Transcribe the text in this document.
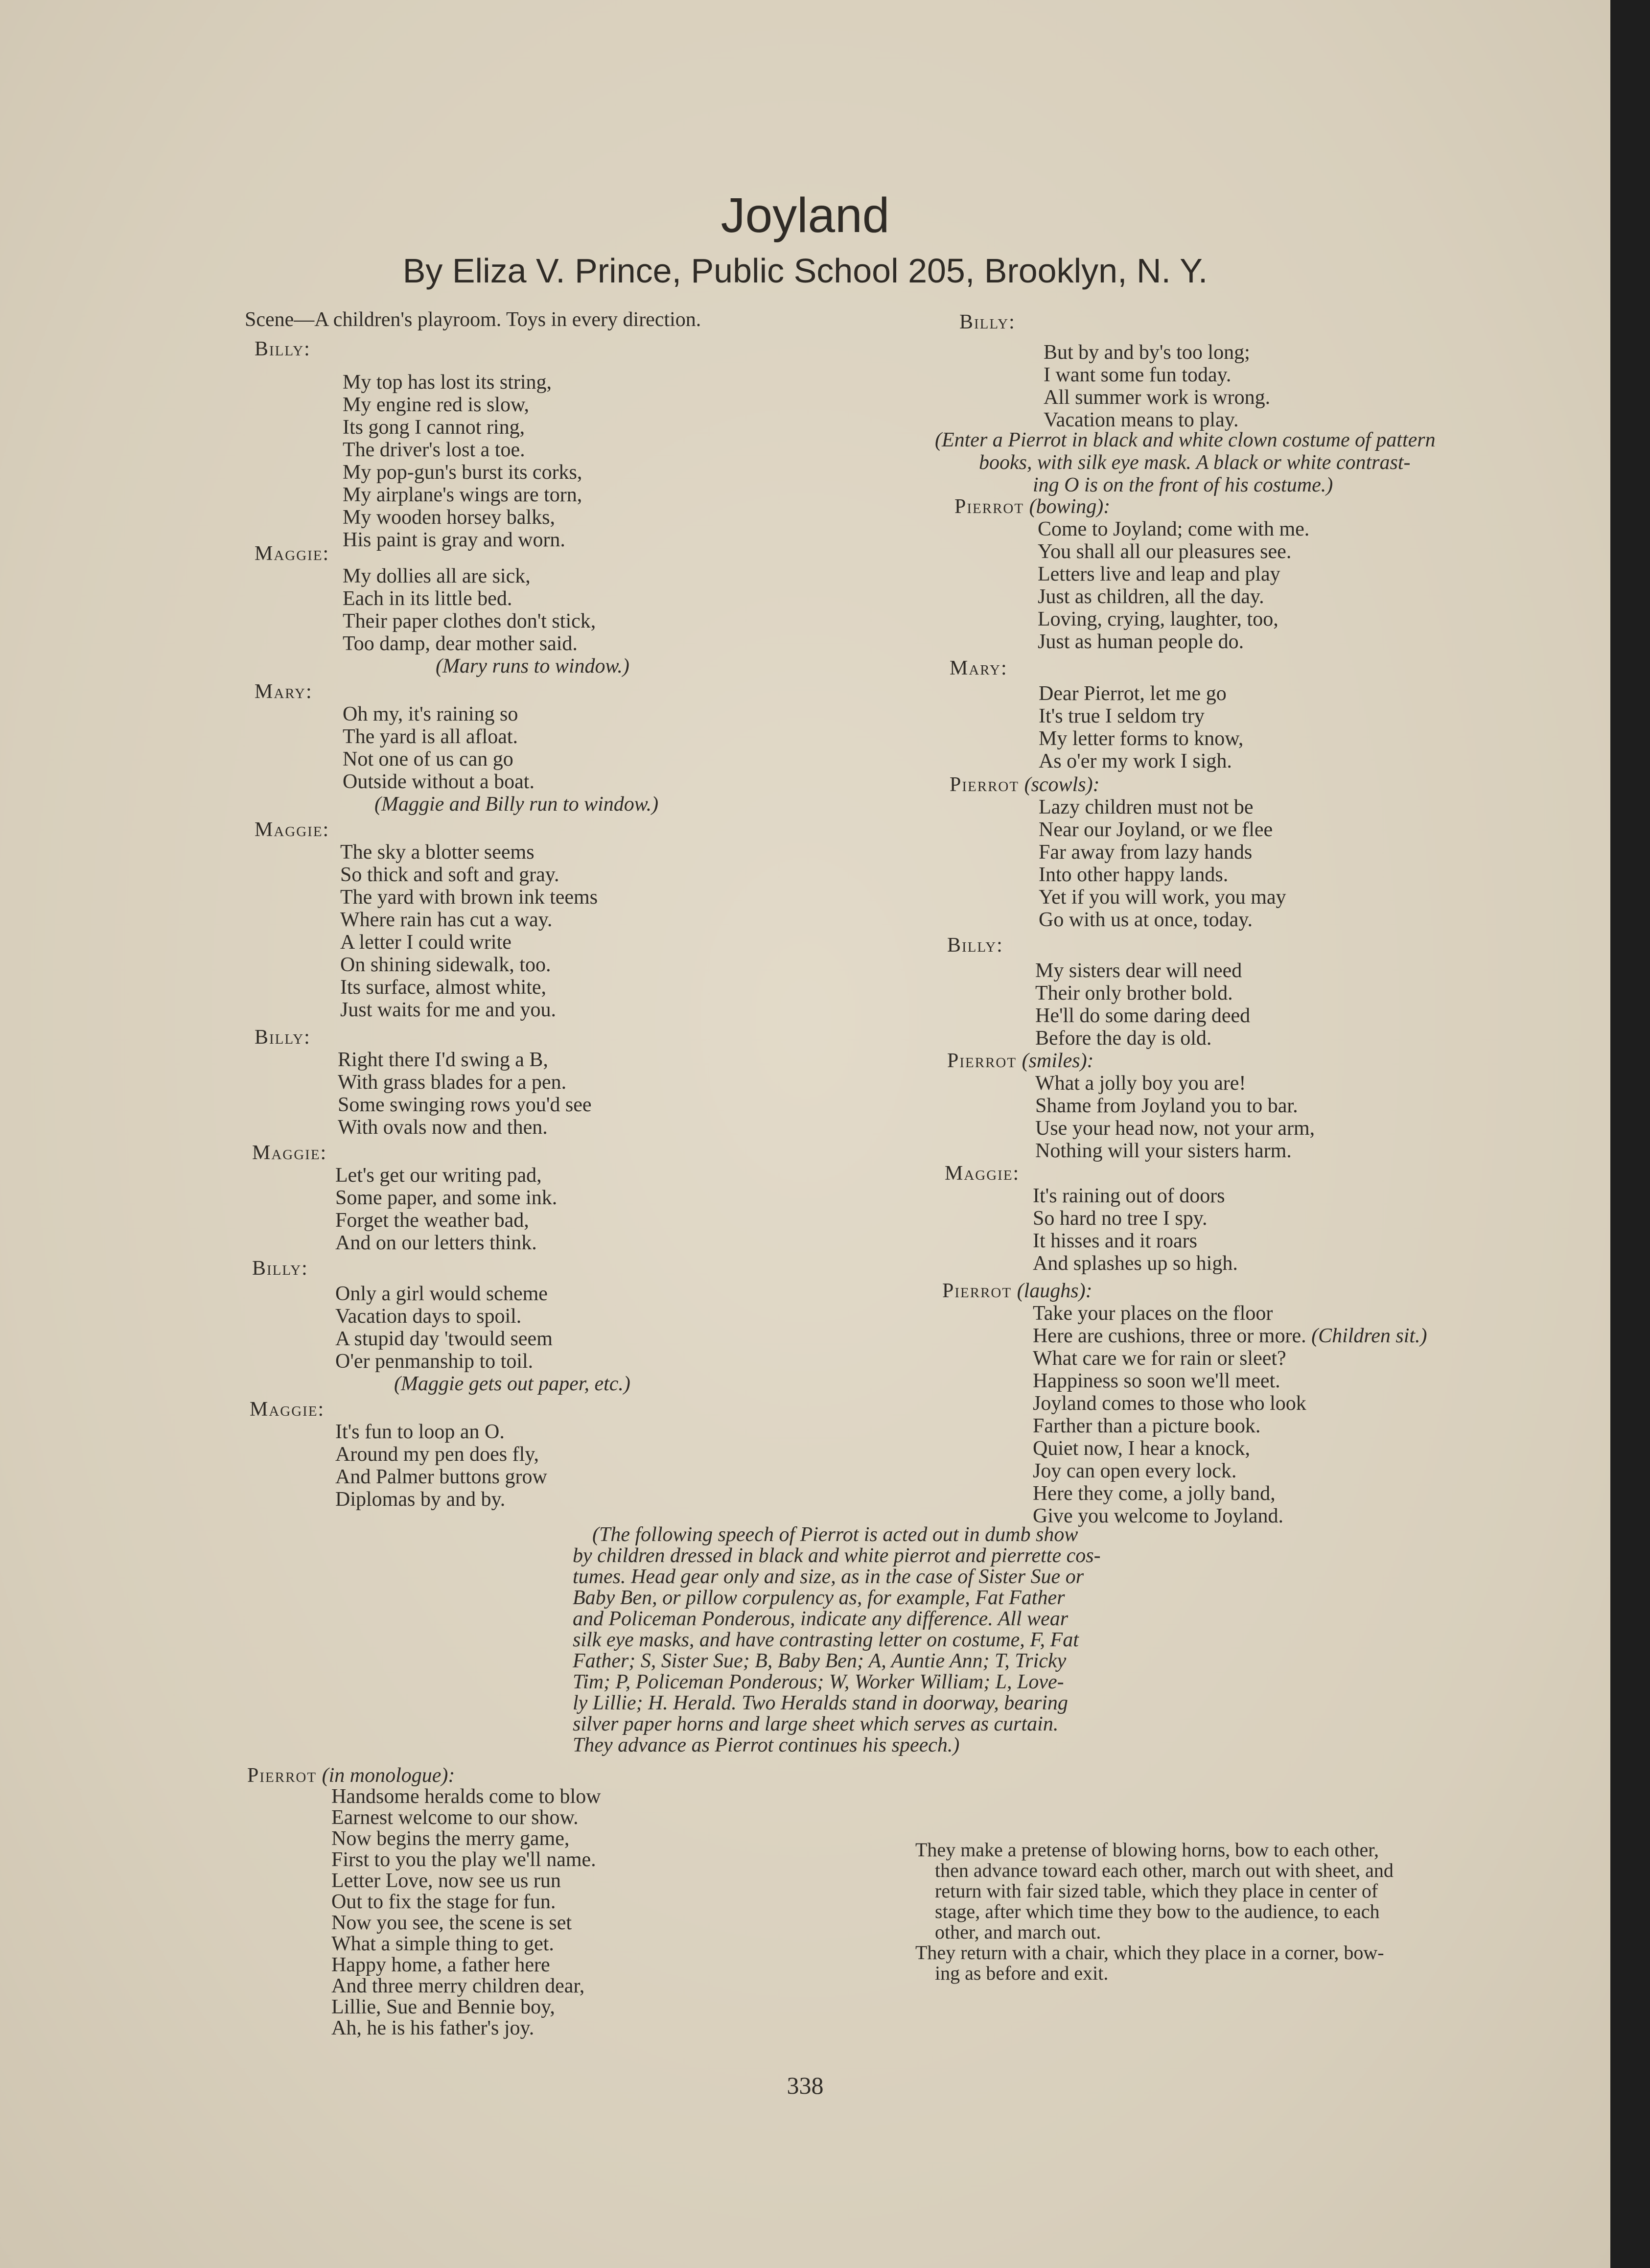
Joyland
By Eliza V. Prince, Public School 205, Brooklyn, N. Y.
Scene—A children's playroom. Toys in every direction.
Billy:
My top has lost its string,
My engine red is slow,
Its gong I cannot ring,
The driver's lost a toe.
My pop-gun's burst its corks,
My airplane's wings are torn,
My wooden horsey balks,
His paint is gray and worn.
Maggie:
My dollies all are sick,
Each in its little bed.
Their paper clothes don't stick,
Too damp, dear mother said.
(Mary runs to window.)
Mary:
Oh my, it's raining so
The yard is all afloat.
Not one of us can go
Outside without a boat.
(Maggie and Billy run to window.)
Maggie:
The sky a blotter seems
So thick and soft and gray.
The yard with brown ink teems
Where rain has cut a way.
A letter I could write
On shining sidewalk, too.
Its surface, almost white,
Just waits for me and you.
Billy:
Right there I'd swing a B,
With grass blades for a pen.
Some swinging rows you'd see
With ovals now and then.
Maggie:
Let's get our writing pad,
Some paper, and some ink.
Forget the weather bad,
And on our letters think.
Billy:
Only a girl would scheme
Vacation days to spoil.
A stupid day 'twould seem
O'er penmanship to toil.
(Maggie gets out paper, etc.)
Maggie:
It's fun to loop an O.
Around my pen does fly,
And Palmer buttons grow
Diplomas by and by.
Billy:
But by and by's too long;
I want some fun today.
All summer work is wrong.
Vacation means to play.
(Enter a Pierrot in black and white clown costume of pattern
books, with silk eye mask. A black or white contrast-
ing O is on the front of his costume.)
Pierrot (bowing):
Come to Joyland; come with me.
You shall all our pleasures see.
Letters live and leap and play
Just as children, all the day.
Loving, crying, laughter, too,
Just as human people do.
Mary:
Dear Pierrot, let me go
It's true I seldom try
My letter forms to know,
As o'er my work I sigh.
Pierrot (scowls):
Lazy children must not be
Near our Joyland, or we flee
Far away from lazy hands
Into other happy lands.
Yet if you will work, you may
Go with us at once, today.
Billy:
My sisters dear will need
Their only brother bold.
He'll do some daring deed
Before the day is old.
Pierrot (smiles):
What a jolly boy you are!
Shame from Joyland you to bar.
Use your head now, not your arm,
Nothing will your sisters harm.
Maggie:
It's raining out of doors
So hard no tree I spy.
It hisses and it roars
And splashes up so high.
Pierrot (laughs):
Take your places on the floor
Here are cushions, three or more. (Children sit.)
What care we for rain or sleet?
Happiness so soon we'll meet.
Joyland comes to those who look
Farther than a picture book.
Quiet now, I hear a knock,
Joy can open every lock.
Here they come, a jolly band,
Give you welcome to Joyland.
(The following speech of Pierrot is acted out in dumb show
by children dressed in black and white pierrot and pierrette cos-
tumes. Head gear only and size, as in the case of Sister Sue or
Baby Ben, or pillow corpulency as, for example, Fat Father
and Policeman Ponderous, indicate any difference. All wear
silk eye masks, and have contrasting letter on costume, F, Fat
Father; S, Sister Sue; B, Baby Ben; A, Auntie Ann; T, Tricky
Tim; P, Policeman Ponderous; W, Worker William; L, Love-
ly Lillie; H. Herald. Two Heralds stand in doorway, bearing
silver paper horns and large sheet which serves as curtain.
They advance as Pierrot continues his speech.)
Pierrot (in monologue):
Handsome heralds come to blow
Earnest welcome to our show.
Now begins the merry game,
First to you the play we'll name.
Letter Love, now see us run
Out to fix the stage for fun.
Now you see, the scene is set
What a simple thing to get.
Happy home, a father here
And three merry children dear,
Lillie, Sue and Bennie boy,
Ah, he is his father's joy.
They make a pretense of blowing horns, bow to each other,
then advance toward each other, march out with sheet, and
return with fair sized table, which they place in center of
stage, after which time they bow to the audience, to each
other, and march out.
They return with a chair, which they place in a corner, bow-
ing as before and exit.
338
